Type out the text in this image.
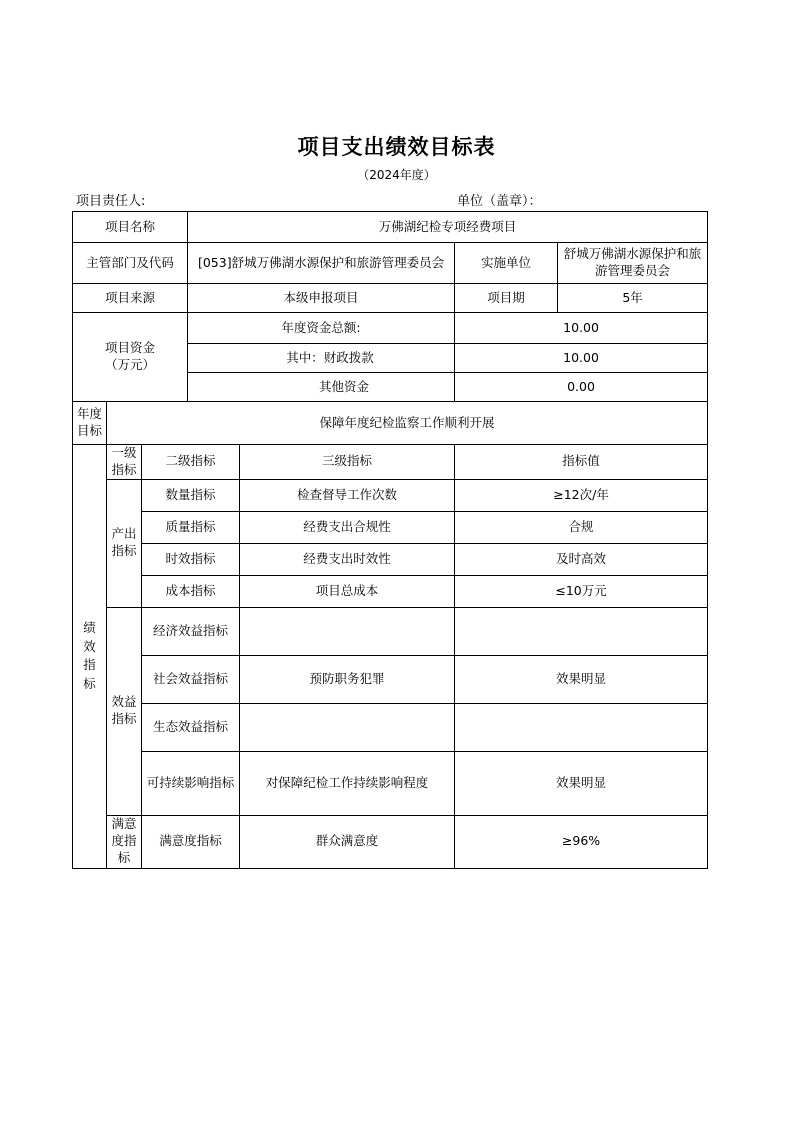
项目支出绩效目标表
（2024年度）
项目责任人:	单位（盖章）：
项目名称			万佛湖纪检专项经费项目			
主管部门及代码			[053]舒城万佛湖水源保护和旅游管理委员会		实施单位	舒城万佛湖水源保护和旅游管理委员会
项目来源			本级申报项目		项目期	5年

项目资金
（万元）			年度资金总额:		10.00	
			其中：财政拨款		10.00	
			其他资金		0.00	

年度
目标	保障年度纪检监察工作顺利开展					

绩效指标	一级
指标	二级指标		三级指标	指标值	

	产出
指标	数量指标		检查督导工作次数	≥12次/年	
		质量指标		经费支出合规性	合规	
		时效指标		经费支出时效性	及时高效	
		成本指标		项目总成本	≤10万元	

	效益
指标	经济效益指标				
		社会效益指标		预防职务犯罪	效果明显	
		生态效益指标				
		可持续影响指标		对保障纪检工作持续影响程度	效果明显	

	满意
度指
标	满意度指标		群众满意度	≥96%	
